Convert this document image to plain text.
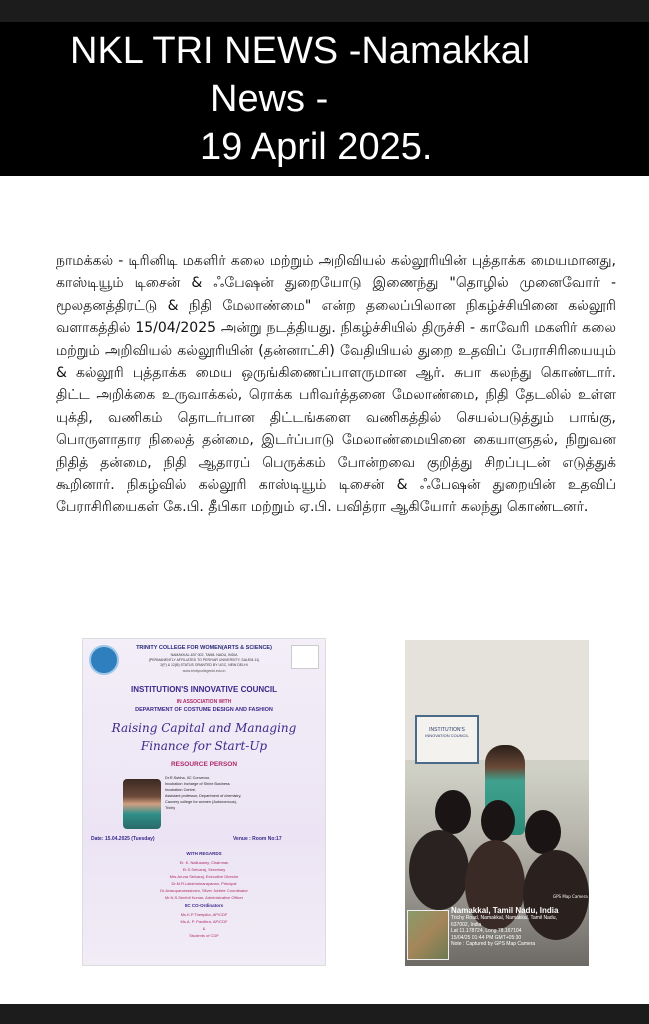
NKL TRI NEWS -Namakkal
News -
19 April 2025.
நாமக்கல் - டிரினிடி மகளிர் கலை மற்றும் அறிவியல் கல்லூரியின் புத்தாக்க மையமானது, காஸ்டியூம் டிசைன் & ஃபேஷன் துறையோடு இணைந்து "தொழில் முனைவோர் - மூலதனத்திரட்டு & நிதி மேலாண்மை" என்ற தலைப்பிலான நிகழ்ச்சியினை கல்லூரி வளாகத்தில் 15/04/2025 அன்று நடத்தியது. நிகழ்ச்சியில் திருச்சி - காவேரி மகளிர் கலை மற்றும் அறிவியல் கல்லூரியின் (தன்னாட்சி) வேதியியல் துறை உதவிப் பேராசிரியையும் & கல்லூரி புத்தாக்க மைய ஒருங்கிணைப்பாளருமான ஆர். சுபா கலந்து கொண்டார். திட்ட அறிக்கை உருவாக்கல், ரொக்க பரிவர்த்தனை மேலாண்மை, நிதி தேடலில் உள்ள யுக்தி, வணிகம் தொடர்பான திட்டங்களை வணிகத்தில் செயல்படுத்தும் பாங்கு, பொருளாதார நிலைத் தன்மை, இடர்ப்பாடு மேலாண்மையினை கையாளுதல், நிறுவன நிதித் தன்மை, நிதி ஆதாரப் பெருக்கம் போன்றவை குறித்து சிறப்புடன் எடுத்துக் கூறினார். நிகழ்வில் கல்லூரி காஸ்டியூம் டிசைன் & ஃபேஷன் துறையின் உதவிப் பேராசிரியைகள் கே.பி. தீபிகா மற்றும் ஏ.பி. பவித்ரா ஆகியோர் கலந்து கொண்டனர்.
TRINITY COLLEGE FOR WOMEN(ARTS & SCIENCE)
NAMAKKAL-637 002, TAMIL NADU, INDIA
(PERMANENTLY AFFILIATED TO PERIYAR UNIVERSITY, SALEM-11)
2(F) & 12(B) STATUS GRANTED BY UGC, NEW DELHI
www.trinitycollegenkl.edu.in
INSTITUTION'S INNOVATIVE COUNCIL
IN ASSOCIATION WITH
DEPARTMENT OF COSTUME DESIGN AND FASHION
Raising Capital and Managing
Finance for Start-Up
RESOURCE PERSON
Dr.R.Subha, IIC Convenor,
Incubation Incharge of Shine Business
Incubation Centre,
Assistant professor, Department of chemistry,
Cauvery college for women (Autonomous),
Trichy
Date: 15.04.2025 (Tuesday)	Venue : Room No:17
WITH REGARDS
Er. K. Nallusamy, Chairman
Er.S.Selvaraj, Secretary
Mrs.Aruna Selvaraj, Executive Director
Dr.M.R.Lakshminarayanan, Principal
Dr.Arasuparamasivam, Silver Jubilee Coordinator
Mr.N.S.Senthil Kumar, Administrative Officer
IIC CO-Ordinators
Ms.K.P.Theepika, AP/CDF
Ms.A. P. Pavithra, AP/CDF
&
Students of CDF
INSTITUTION'S
INNOVATION COUNCIL
GPS Map Camera
Namakkal, Tamil Nadu, India
Trichy Road, Namakkal, Namakkal, Tamil Nadu,
637002, India
Lat 11.178724, Long 78.167104
15/04/25 01:44 PM GMT+05:30
Note : Captured by GPS Map Camera
